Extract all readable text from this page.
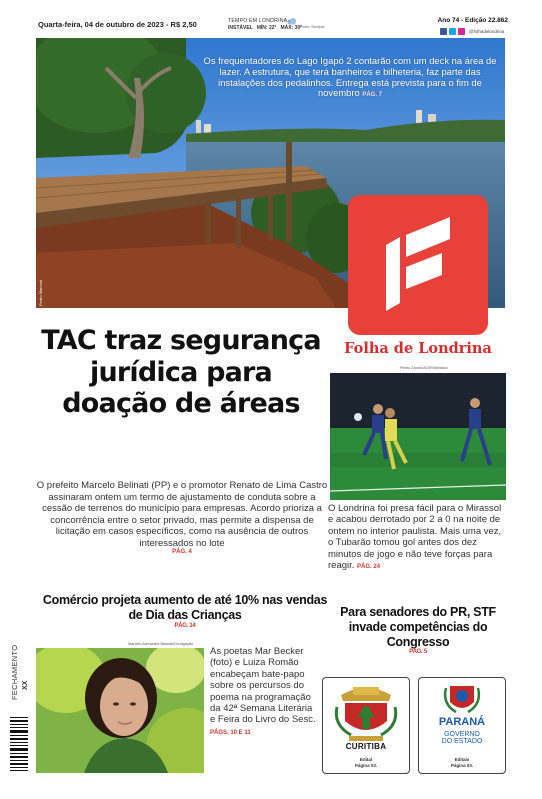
Quarta-feira, 04 de outubro de 2023 - R$ 2,50	TEMPO EM LONDRINA
INSTÁVEL MÍN: 22° MÁX: 30°
Fonte: Simepar
Ano 74 - Edição 22.862
@folhadelondrina
Pedro Marconi
Os frequentadores do Lago Igapó 2 contarão com um deck na área de lazer. A estrutura, que terá banheiros e bilheteria, faz parte das instalações dos pedalinhos. Entrega está prevista para o fim de novembro PÁG. 7
Folha de Londrina
TAC traz segurança jurídica para doação de áreas
O prefeito Marcelo Belinati (PP) e o promotor Renato de Lima Castro assinaram ontem um termo de ajustamento de conduta sobre a cessão de terrenos do município para empresas. Acordo prioriza a concorrência entre o setor privado, mas permite a dispensa de licitação em casos específicos, como na ausência de outros interessados no lote
PÁG. 4
Pedro Zacchi/AGIF/Mirassol
O Londrina foi presa fácil para o Mirassol e acabou derrotado por 2 a 0 na noite de ontem no interior paulista. Mais uma vez, o Tubarão tomou gol antes dos dez minutos de jogo e não teve forças para reagir. PÁG. 24
Comércio projeta aumento de até 10% nas vendas de Dia das Crianças
PÁG. 14
Para senadores do PR, STF invade competências do Congresso
PÁG. 5
Marcelo Alexandre Bassan/Divulgação
As poetas Mar Becker (foto) e Luiza Romão encabeçam bate-papo sobre os percursos do poema na programação da 42ª Semana Literária e Feira do Livro do Sesc. PÁGS. 10 E 11
FECHAMENTO XX
CURITIBA
Edital
Página 03.
PARANÁ
GOVERNO
DO ESTADO
Editais
Página 03.
